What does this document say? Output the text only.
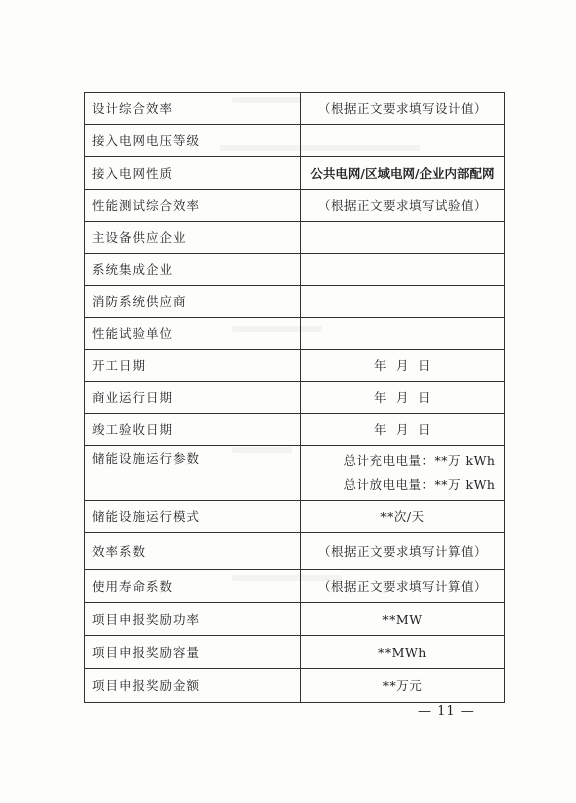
设计综合效率	（根据正文要求填写设计值）
接入电网电压等级	
接入电网性质	公共电网/区域电网/企业内部配网
性能测试综合效率	（根据正文要求填写试验值）
主设备供应企业	
系统集成企业	
消防系统供应商	
性能试验单位	
开工日期	年  月  日
商业运行日期	年  月  日
竣工验收日期	年  月  日
储能设施运行参数	总计充电电量：**万 kWh
总计放电电量：**万 kWh

储能设施运行模式	**次/天
效率系数	（根据正文要求填写计算值）
使用寿命系数	（根据正文要求填写计算值）
项目申报奖励功率	**MW
项目申报奖励容量	**MWh
项目申报奖励金额	**万元
— 11 —
